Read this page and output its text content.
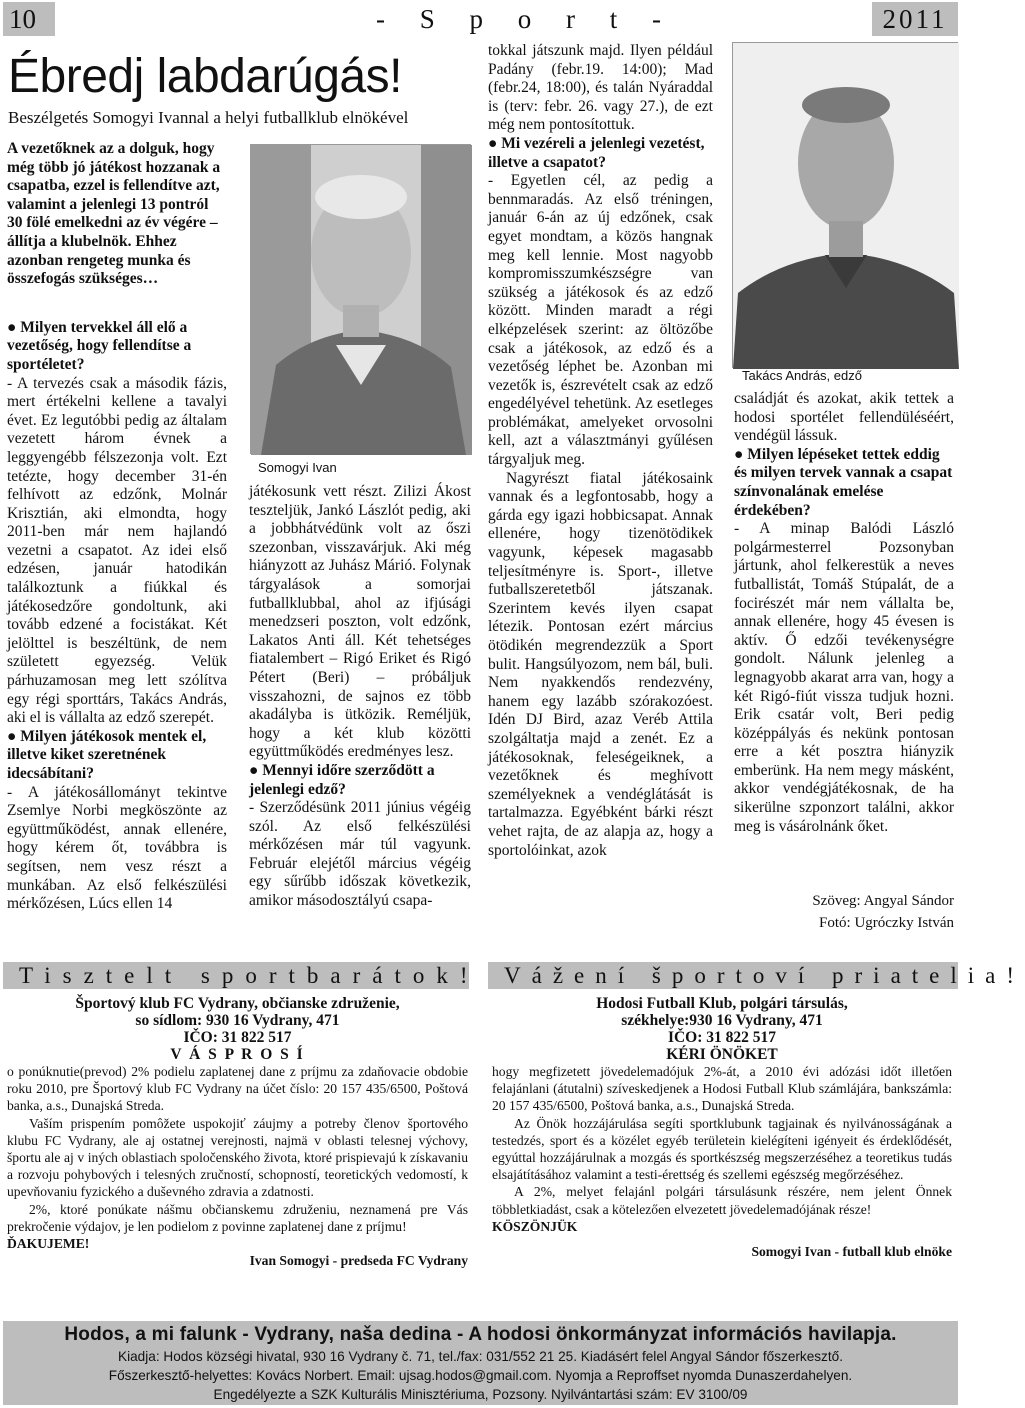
10	- S p o r t -	2011
Ébredj labdarúgás!
Beszélgetés Somogyi Ivannal a helyi futballklub elnökével

A vezetőknek az a dolguk, hogy még több jó játékost hozzanak a csapatba, ezzel is fellendítve azt, valamint a jelenlegi 13 pontról 30 fölé emelkedni az év végére – állítja a klubelnök. Ehhez azonban rengeteg munka és összefogás szükséges…

● Milyen tervekkel áll elő a vezetőség, hogy fellendítse a sportéletet?

- A tervezés csak a második fázis, mert értékelni kellene a tavalyi évet. Ez legutóbbi pedig az általam vezetett három évnek a leggyengébb félszezonja volt. Ezt tetézte, hogy december 31-én felhívott az edzőnk, Molnár Krisztián, aki elmondta, hogy 2011-ben már nem hajlandó vezetni a csapatot. Az idei első edzésen, január hatodikán találkoztunk a fiúkkal és játékosedzőre gondoltunk, aki tovább edzené a focistákat. Két jelölttel is beszéltünk, de nem született egyezség. Velük párhuzamosan meg lett szólítva egy régi sporttárs, Takács András, aki el is vállalta az edző szerepét.

● Milyen játékosok mentek el, illetve kiket szeretnének idecsábítani?

- A játékosállományt tekintve Zsemlye Norbi megköszönte az együttműködést, annak ellenére, hogy kérem őt, továbbra is segítsen, nem vesz részt a munkában. Az első felkészülési mérkőzésen, Lúcs ellen 14

Somogyi Ivan

játékosunk vett részt. Zilizi Ákost teszteljük, Jankó Lászlót pedig, aki a jobbhátvédünk volt az őszi szezonban, visszavárjuk. Aki még hiányzott az Juhász Márió. Folynak tárgyalások a somorjai futballklubbal, ahol az ifjúsági menedzseri poszton, volt edzőnk, Lakatos Anti áll. Két tehetséges fiatalembert – Rigó Eriket és Rigó Pétert (Beri) – próbáljuk visszahozni, de sajnos ez több akadályba is ütközik. Reméljük, hogy a két klub közötti együttműködés eredményes lesz.

● Mennyi időre szerződött a jelenlegi edző?

- Szerződésünk 2011 június végéig szól. Az első felkészülési mérkőzésen már túl vagyunk. Február elejétől március végéig egy sűrűbb időszak következik, amikor másodosztályú csapa-

tokkal játszunk majd. Ilyen például Padány (febr.19. 14:00); Mad (febr.24, 18:00), és talán Nyáraddal is (terv: febr. 26. vagy 27.), de ezt még nem pontosítottuk.

● Mi vezéreli a jelenlegi vezetést, illetve a csapatot?

- Egyetlen cél, az pedig a bennmaradás. Az első tréningen, január 6-án az új edzőnek, csak egyet mondtam, a közös hangnak meg kell lennie. Most nagyobb kompromisszumkészségre van szükség a játékosok és az edző között. Minden maradt a régi elképzelések szerint: az öltözőbe csak a játékosok, az edző és a vezetőség léphet be. Azonban mi vezetők is, észrevételt csak az edző engedélyével tehetünk. Az esetleges problémákat, amelyeket orvosolni kell, azt a választmányi gyűlésen tárgyaljuk meg.

Nagyrészt fiatal játékosaink vannak és a legfontosabb, hogy a gárda egy igazi hobbicsapat. Annak ellenére, hogy tizenötödikek vagyunk, képesek magasabb teljesítményre is. Sport-, illetve futballszeretetből játszanak. Szerintem kevés ilyen csapat létezik. Pontosan ezért március ötödikén megrendezzük a Sport bulit. Hangsúlyozom, nem bál, buli. Nem nyakkendős rendezvény, hanem egy lazább szórakozóest. Idén DJ Bird, azaz Veréb Attila szolgáltatja majd a zenét. Ez a játékosoknak, feleségeiknek, a vezetőknek és meghívott személyeknek a vendéglátását is tartalmazza. Egyébként bárki részt vehet rajta, de az alapja az, hogy a sportolóinkat, azok

Takács András, edző

családját és azokat, akik tettek a hodosi sportélet fellendüléséért, vendégül lássuk.

● Milyen lépéseket tettek eddig és milyen tervek vannak a csapat színvonalának emelése érdekében?

- A minap Balódi László polgármesterrel Pozsonyban jártunk, ahol felkerestük a neves futballistát, Tomáš Stúpalát, de a focirészét már nem vállalta be, annak ellenére, hogy 45 évesen is aktív. Ő edzői tevékenységre gondolt. Nálunk jelenleg a legnagyobb akarat arra van, hogy a két Rigó-fiút vissza tudjuk hozni. Erik csatár volt, Beri pedig középpályás és nekünk pontosan erre a két posztra hiányzik emberünk. Ha nem megy másként, akkor vendégjátékosnak, de ha sikerülne szponzort találni, akkor meg is vásárolnánk őket.

Szöveg: Angyal Sándor
Fotó: Ugróczky István
Tisztelt sportbarátok!	Vážení športoví priatelia!

Športový klub FC Vydrany, občianske združenie,

so sídlom: 930 16 Vydrany, 471

IČO: 31 822 517

V Á S P R O S Í

o ponúknutie(prevod) 2% podielu zaplatenej dane z príjmu za zdaňovacie obdobie roku 2010, pre Športový klub FC Vydrany na účet číslo: 20 157 435/6500, Poštová banka, a.s., Dunajská Streda.

Vaším prispením pomôžete uspokojiť záujmy a potreby členov športového klubu FC Vydrany, ale aj ostatnej verejnosti, najmä v oblasti telesnej výchovy, športu ale aj v iných oblastiach spoločenského života, ktoré prispievajú k získavaniu a rozvoju pohybových i telesných zručností, schopností, teoretických vedomostí, k upevňovaniu fyzického a duševného zdravia a zdatnosti.

2%, ktoré ponúkate nášmu občianskemu združeniu, neznamená pre Vás prekročenie výdajov, je len podielom z povinne zaplatenej dane z príjmu!

ĎAKUJEME!

Ivan Somogyi - predseda FC Vydrany

Hodosi Futball Klub, polgári társulás,

székhelye:930 16 Vydrany, 471

IČO: 31 822 517

KÉRI ÖNÖKET

hogy megfizetett jövedelemadójuk 2%-át, a 2010 évi adózási időt illetően felajánlani (átutalni) szíveskedjenek a Hodosi Futball Klub számlájára, bankszámla: 20 157 435/6500, Poštová banka, a.s., Dunajská Streda.

Az Önök hozzájárulása segíti sportklubunk tagjainak és nyilvánosságának a testedzés, sport és a közélet egyéb területein kielégíteni igényeit és érdeklődését, egyúttal hozzájárulnak a mozgás és sportkészség megszerzéséhez a teoretikus tudás elsajátításához valamint a testi-érettség és szellemi egészség megőrzéséhez.

A 2%, melyet felajánl polgári társulásunk részére, nem jelent Önnek többletkiadást, csak a kötelezően elvezetett jövedelemadójának része!

KÖSZÖNJÜK

Somogyi Ivan - futball klub elnöke

Hodos, a mi falunk - Vydrany, naša dedina - A hodosi önkormányzat információs havilapja.
Kiadja: Hodos községi hivatal, 930 16 Vydrany č. 71, tel./fax: 031/552 21 25. Kiadásért felel Angyal Sándor főszerkesztő.
Főszerkesztő-helyettes: Kovács Norbert. Email: ujsag.hodos@gmail.com. Nyomja a Reproffset nyomda Dunaszerdahelyen.
Engedélyezte a SZK Kulturális Minisztériuma, Pozsony. Nyilvántartási szám: EV 3100/09
